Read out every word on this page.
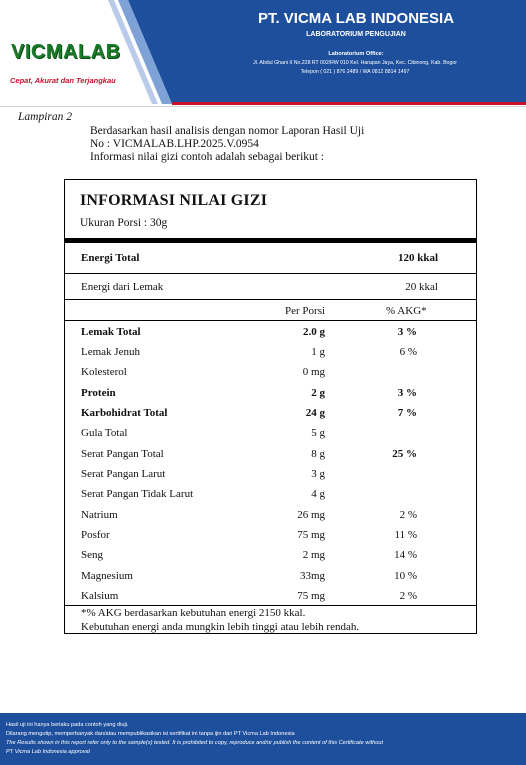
VICMALAB
Cepat, Akurat dan Terjangkau
PT. VICMA LAB INDONESIA
LABORATORIUM PENGUJIAN
Laboratorium Office:
Jl. Abdul Ghani II No.228 RT 002/RW 010 Kel. Harapan Jaya, Kec. Cibinong, Kab. Bogor
Telepon ( 021 ) 876 2489 / WA 0812 8814 1497
Lampiran 2
Berdasarkan hasil analisis dengan nomor Laporan Hasil Uji
No : VICMALAB.LHP.2025.V.0954
Informasi nilai gizi contoh adalah sebagai berikut :
INFORMASI NILAI GIZI
Ukuran Porsi : 30g
Energi Total	120 kkal
Energi dari Lemak	20 kkal
Per Porsi	% AKG*
Lemak Total	2.0 g	3 %
Lemak Jenuh	1 g	6 %
Kolesterol	0 mg
Protein	2 g	3 %
Karbohidrat Total	24 g	7 %
Gula Total	5 g
Serat Pangan Total	8 g	25 %
Serat Pangan Larut	3 g
Serat Pangan Tidak Larut	4 g
Natrium	26 mg	2 %
Posfor	75 mg	11 %
Seng	2 mg	14 %
Magnesium	33mg	10 %
Kalsium	75 mg	2 %
*% AKG berdasarkan kebutuhan energi 2150 kkal.
Kebutuhan energi anda mungkin lebih tinggi atau lebih rendah.
Hasil uji ini hanya berlaku pada contoh yang diuji.
Dilarang mengutip, memperbanyak dan/atau mempublikasikan isi sertifikat ini tanpa ijin dari PT Vicma Lab Indonesia
The Results shown in this report refer only to the sample(s) tested. It is prohibited to copy, reproduce and/or publish the content of this Certificate without
PT Vicma Lab Indonesia approval
